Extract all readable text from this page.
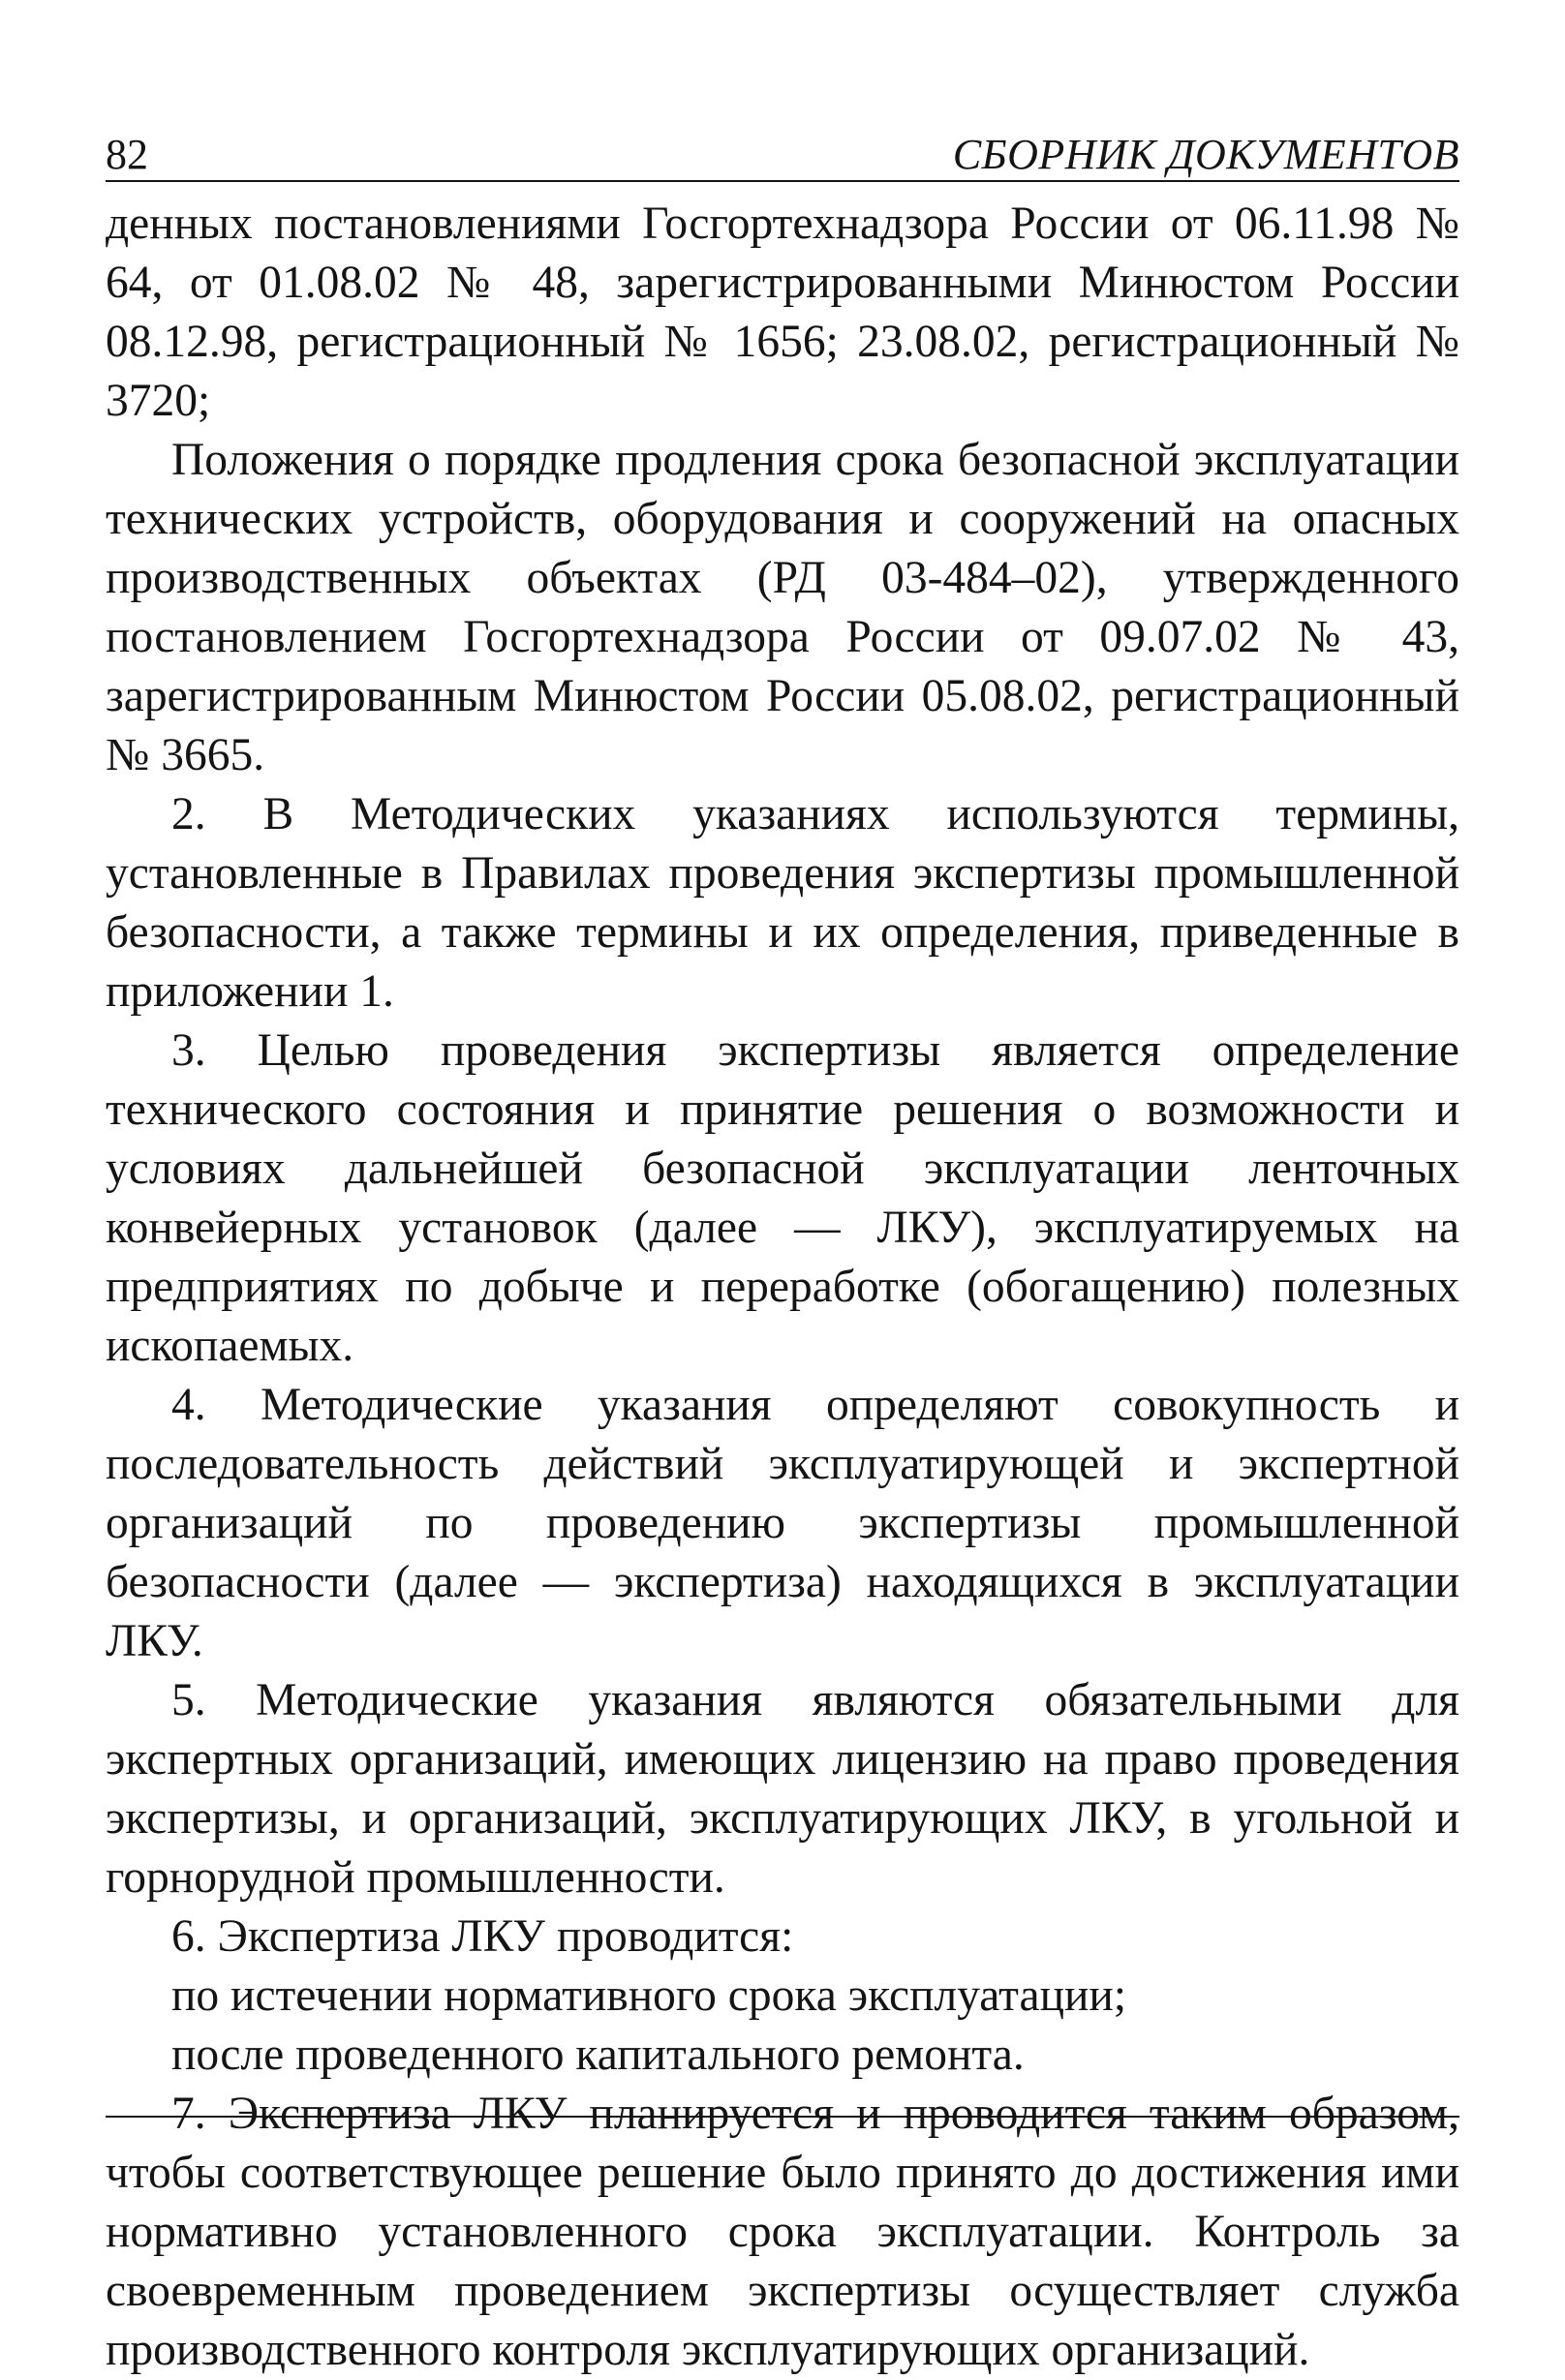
82	СБОРНИК ДОКУМЕНТОВ

денных постановлениями Госгортехнадзора России от 06.11.98 № 64, от 01.08.02 № 48, зарегистрированными Минюстом России 08.12.98, регистрационный № 1656; 23.08.02, регистрационный № 3720;

Положения о порядке продления срока безопасной эксплуатации технических устройств, оборудования и сооружений на опасных производственных объектах (РД 03-484–02), утвержденного постановлением Госгортехнадзора России от 09.07.02 № 43, зарегистрированным Минюстом России 05.08.02, регистрационный № 3665.

2. В Методических указаниях используются термины, установленные в Правилах проведения экспертизы промышленной безопасности, а также термины и их определения, приведенные в приложении 1.

3. Целью проведения экспертизы является определение технического состояния и принятие решения о возможности и условиях дальнейшей безопасной эксплуатации ленточных конвейерных установок (далее — ЛКУ), эксплуатируемых на предприятиях по добыче и переработке (обогащению) полезных ископаемых.

4. Методические указания определяют совокупность и последовательность действий эксплуатирующей и экспертной организаций по проведению экспертизы промышленной безопасности (далее — экспертиза) находящихся в эксплуатации ЛКУ.

5. Методические указания являются обязательными для экспертных организаций, имеющих лицензию на право проведения экспертизы, и организаций, эксплуатирующих ЛКУ, в угольной и горнорудной промышленности.

6. Экспертиза ЛКУ проводится:

по истечении нормативного срока эксплуатации;

после проведенного капитального ремонта.

7. Экспертиза ЛКУ планируется и проводится таким образом, чтобы соответствующее решение было принято до достижения ими нормативно установленного срока эксплуатации. Контроль за своевременным проведением экспертизы осуществляет служба производственного контроля эксплуатирующих организаций.
